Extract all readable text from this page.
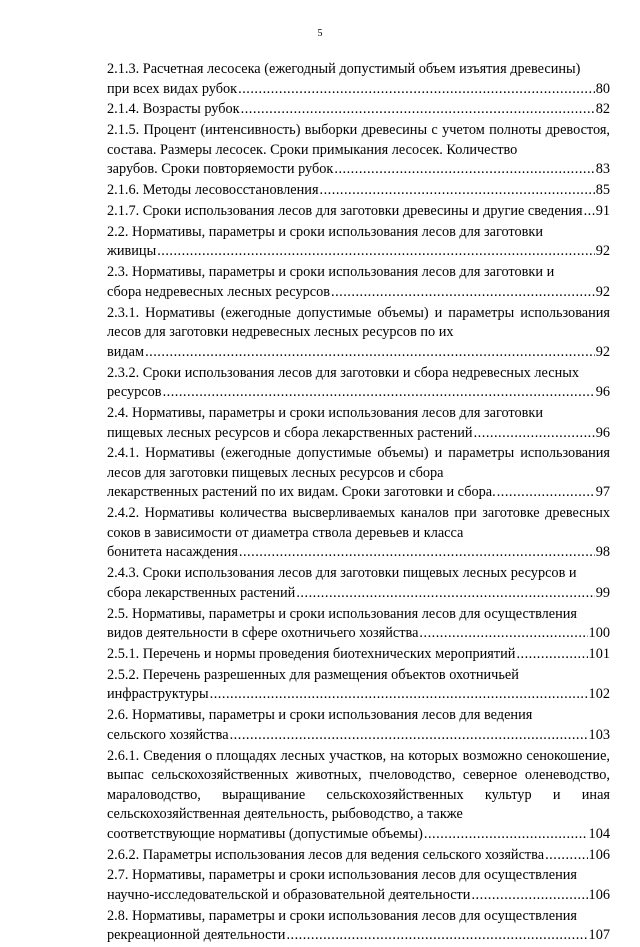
5
2.1.3. Расчетная лесосека (ежегодный допустимый объем изъятия древесины)
при всех видах рубок .....	80
2.1.4. Возрасты рубок .....	82
2.1.5. Процент (интенсивность) выборки древесины с учетом полноты древостоя, состава. Размеры лесосек. Сроки примыкания лесосек. Количество
зарубов. Сроки повторяемости рубок .....	83
2.1.6. Методы лесовосстановления .....	85
2.1.7. Сроки использования лесов для заготовки древесины и другие сведения ..... 91
2.2. Нормативы, параметры и сроки использования лесов для заготовки
живицы .....	92
2.3. Нормативы, параметры и сроки использования лесов для заготовки и
сбора недревесных лесных ресурсов .....	92
2.3.1. Нормативы (ежегодные допустимые объемы) и параметры использования лесов для заготовки недревесных лесных ресурсов по их
видам .....	92
2.3.2. Сроки использования лесов для заготовки и сбора недревесных лесных
ресурсов .....	96
2.4. Нормативы, параметры и сроки использования лесов для заготовки
пищевых лесных ресурсов и сбора лекарственных растений .....	96
2.4.1. Нормативы (ежегодные допустимые объемы) и параметры использования лесов для заготовки пищевых лесных ресурсов и сбора
лекарственных растений по их видам. Сроки заготовки и сбора. .....	97
2.4.2. Нормативы количества высверливаемых каналов при заготовке древесных соков в зависимости от диаметра ствола деревьев и класса
бонитета насаждения .....	98
2.4.3. Сроки использования лесов для заготовки пищевых лесных ресурсов и
сбора лекарственных растений .....	99
2.5. Нормативы, параметры и сроки использования лесов для осуществления
видов деятельности в сфере охотничьего хозяйства .....	100
2.5.1. Перечень и нормы проведения биотехнических мероприятий .....	101
2.5.2. Перечень разрешенных для размещения объектов охотничьей
инфраструктуры .....	102
2.6. Нормативы, параметры и сроки использования лесов для ведения
сельского хозяйства .....	103
2.6.1. Сведения о площадях лесных участков, на которых возможно сенокошение, выпас сельскохозяйственных животных, пчеловодство, северное оленеводство, мараловодство, выращивание сельскохозяйственных культур и иная сельскохозяйственная деятельность, рыбоводство, а также
соответствующие нормативы (допустимые объемы) .....	104
2.6.2. Параметры использования лесов для ведения сельского хозяйства .....	106
2.7. Нормативы, параметры и сроки использования лесов для осуществления
научно-исследовательской и образовательной деятельности .....	106
2.8. Нормативы, параметры и сроки использования лесов для осуществления
рекреационной деятельности .....	107
